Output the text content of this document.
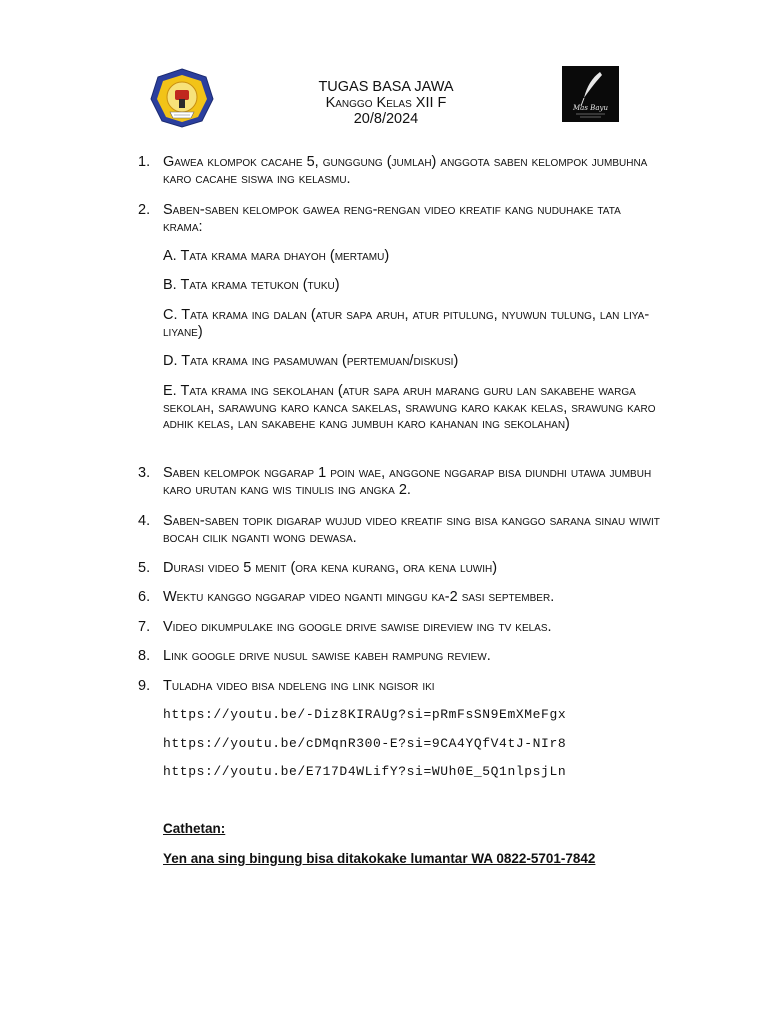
TUGAS BASA JAWA
Kanggo Kelas XII F
20/8/2024
Mas Bayu
1. Gawea klompok cacahe 5, gunggung (jumlah) anggota saben kelompok jumbuhna karo cacahe siswa ing kelasmu.
2. Saben-saben kelompok gawea reng-rengan video kreatif kang nuduhake tata krama:
A. Tata krama mara dhayoh (mertamu)
B. Tata krama tetukon (tuku)
C. Tata krama ing dalan (atur sapa aruh, atur pitulung, nyuwun tulung, lan liya-liyane)
D. Tata krama ing pasamuwan (pertemuan/diskusi)
E. Tata krama ing sekolahan (atur sapa aruh marang guru lan sakabehe warga sekolah, sarawung karo kanca sakelas, srawung karo kakak kelas, srawung karo adhik kelas, lan sakabehe kang jumbuh karo kahanan ing sekolahan)
3. Saben kelompok nggarap 1 poin wae, anggone nggarap bisa diundhi utawa jumbuh karo urutan kang wis tinulis ing angka 2.
4. Saben-saben topik digarap wujud video kreatif sing bisa kanggo sarana sinau wiwit bocah cilik nganti wong dewasa.
5. Durasi video 5 menit (ora kena kurang, ora kena luwih)
6. Wektu kanggo nggarap video nganti minggu ka-2 sasi september.
7. Video dikumpulake ing google drive sawise direview ing tv kelas.
8. Link google drive nusul sawise kabeh rampung review.
9. Tuladha video bisa ndeleng ing link ngisor iki
https://youtu.be/-Diz8KIRAUg?si=pRmFsSN9EmXMeFgx
https://youtu.be/cDMqnR300-E?si=9CA4YQfV4tJ-NIr8
https://youtu.be/E717D4WLifY?si=WUh0E_5Q1nlpsjLn
Cathetan:
Yen ana sing bingung bisa ditakokake lumantar WA 0822-5701-7842
